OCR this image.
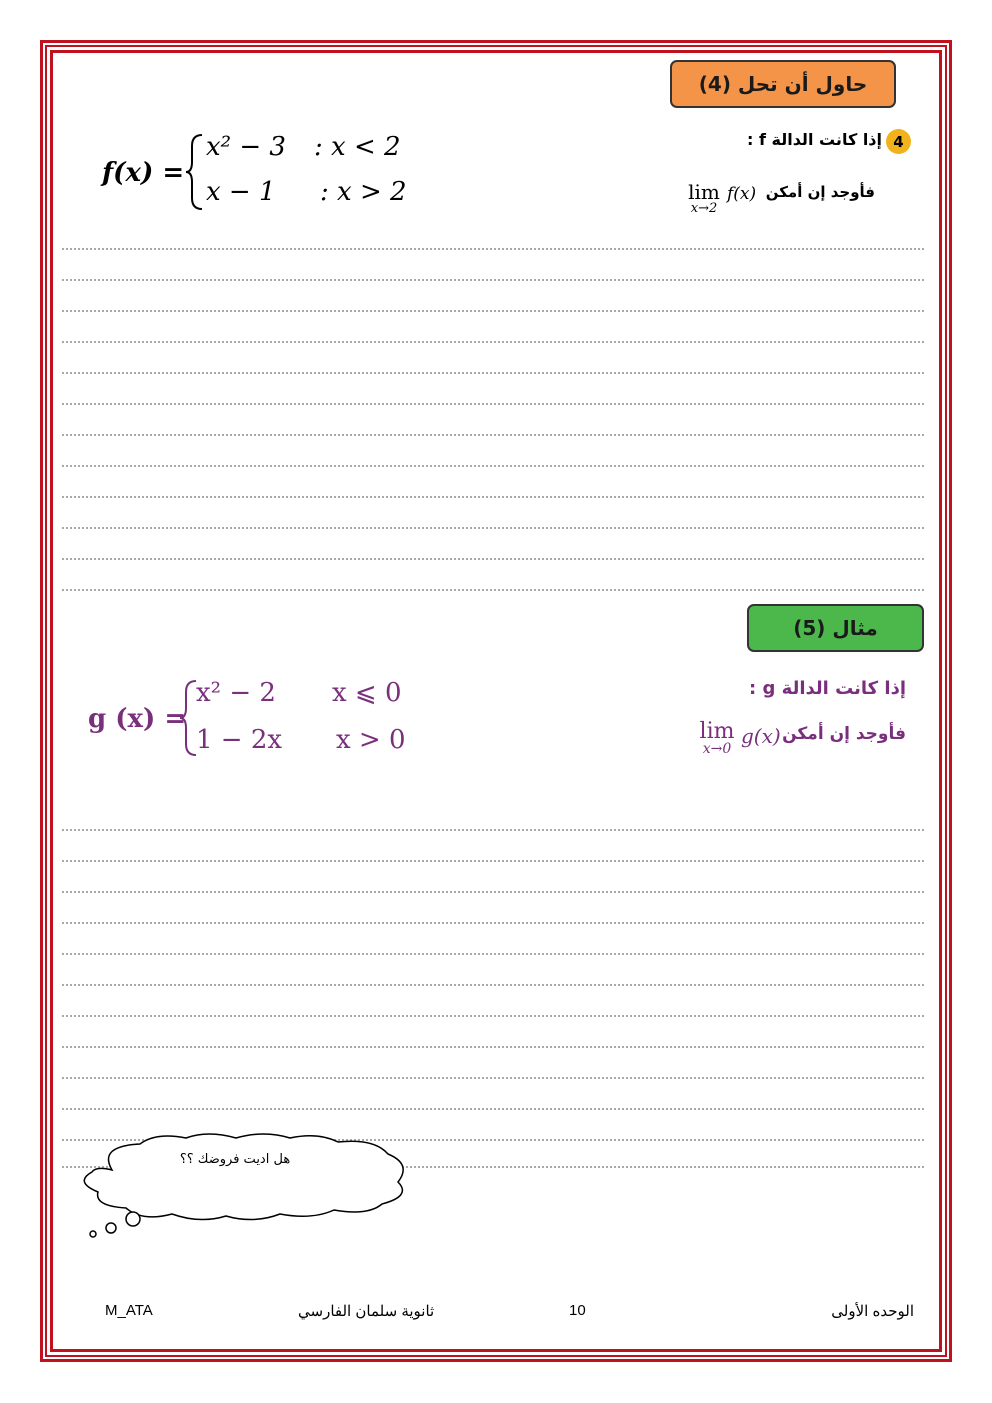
حاول أن تحل (4)
4
إذا كانت الدالة f :
فأوجد إن أمكن
f(x)
lim
x→2
f(x) =
x² − 3 : x < 2
x − 1 : x > 2
مثال (5)
إذا كانت الدالة g :
فأوجد إن أمكن
g(x)
lim
x→0
g (x) =
x² − 2 x ⩽ 0
1 − 2x x > 0
هل اديت فروضك ؟؟
M_ATA	ثانوية سلمان الفارسي	10	الوحده الأولى
